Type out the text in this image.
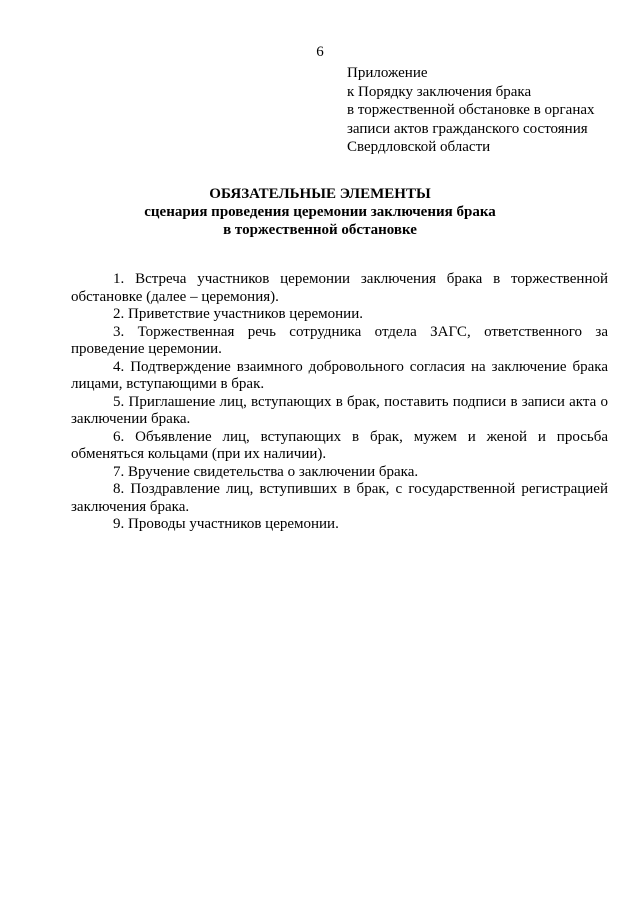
6
Приложение
к Порядку заключения брака
в торжественной обстановке в органах
записи актов гражданского состояния
Свердловской области
ОБЯЗАТЕЛЬНЫЕ ЭЛЕМЕНТЫ
сценария проведения церемонии заключения брака
в торжественной обстановке

1. Встреча участников церемонии заключения брака в торжественной обстановке (далее – церемония).

2. Приветствие участников церемонии.

3. Торжественная речь сотрудника отдела ЗАГС, ответственного за проведение церемонии.

4. Подтверждение взаимного добровольного согласия на заключение брака лицами, вступающими в брак.

5. Приглашение лиц, вступающих в брак, поставить подписи в записи акта о заключении брака.

6. Объявление лиц, вступающих в брак, мужем и женой и просьба обменяться кольцами (при их наличии).

7. Вручение свидетельства о заключении брака.

8. Поздравление лиц, вступивших в брак, с государственной регистрацией заключения брака.

9. Проводы участников церемонии.
